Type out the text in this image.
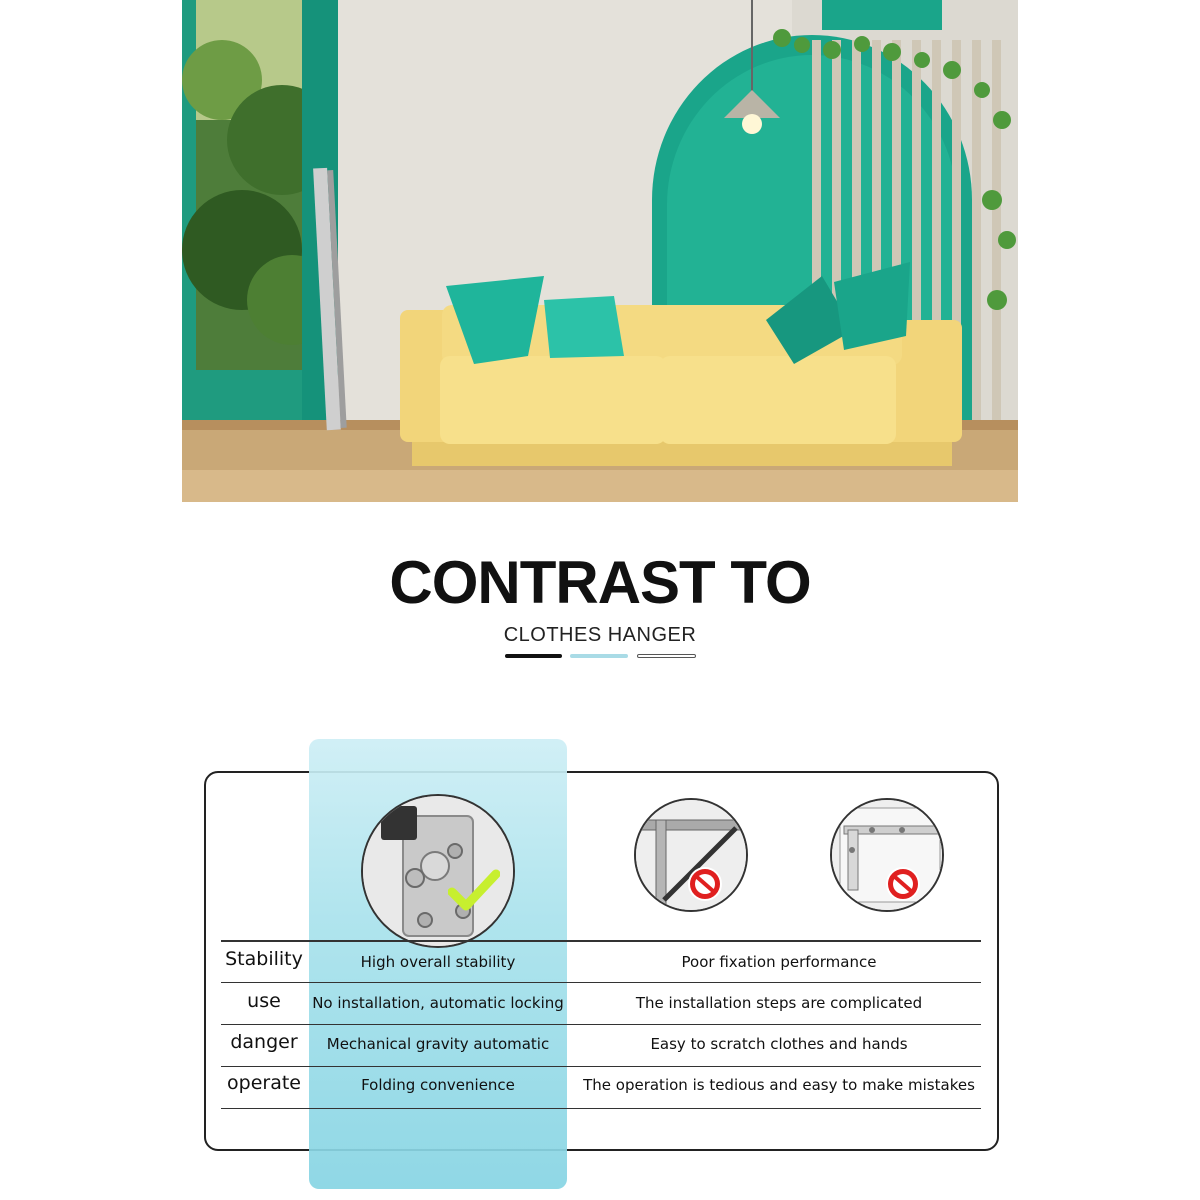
CONTRAST TO
CLOTHES HANGER
Stability	High overall stability	Poor fixation performance
use	No installation, automatic locking	The installation steps are complicated
danger	Mechanical gravity automatic	Easy to scratch clothes and hands
operate	Folding convenience	The operation is tedious and easy to make mistakes
